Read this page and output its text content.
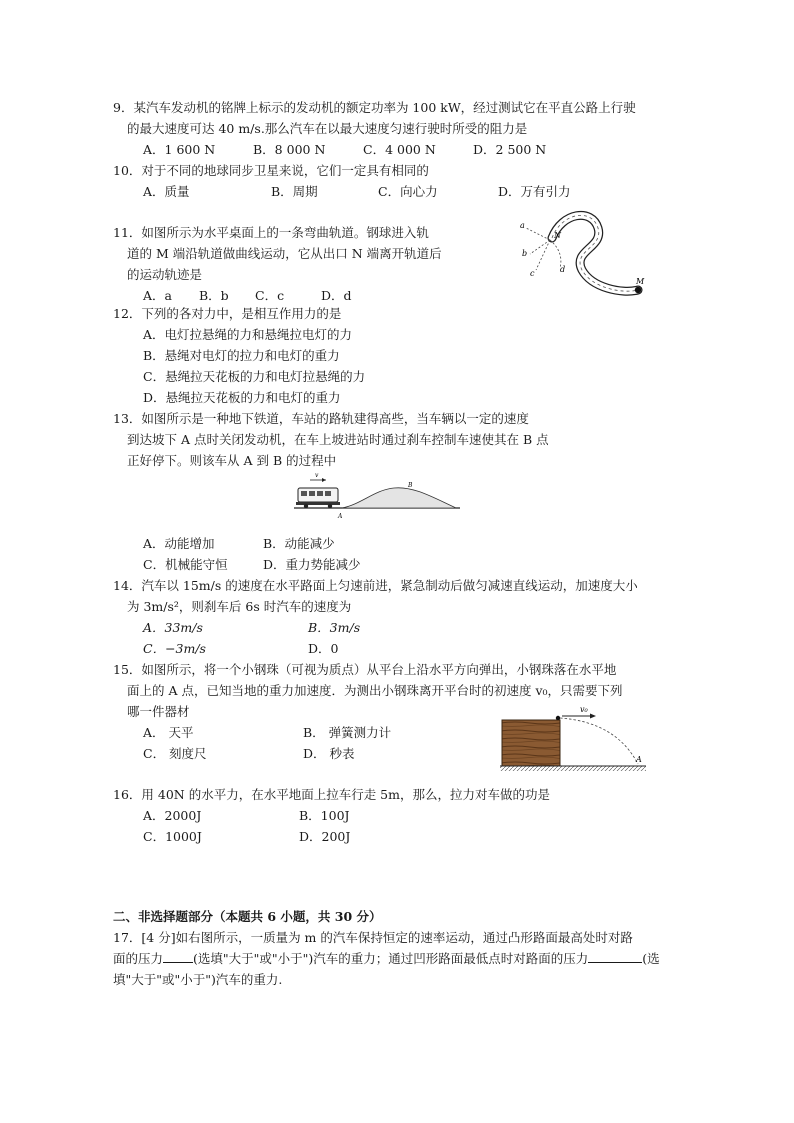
9．某汽车发动机的铭牌上标示的发动机的额定功率为 100 kW，经过测试它在平直公路上行驶
的最大速度可达 40 m/s.那么汽车在以最大速度匀速行驶时所受的阻力是
A．1 600 N	B．8 000 N	C．4 000 N	D．2 500 N
10．对于不同的地球同步卫星来说，它们一定具有相同的
A．质量	B．周期	C．向心力	D．万有引力
11．如图所示为水平桌面上的一条弯曲轨道。钢球进入轨
道的 M 端沿轨道做曲线运动，它从出口 N 端离开轨道后
的运动轨迹是
A．a	B．b	C．c	D．d
a
N
b
c	d
M
12．下列的各对力中，是相互作用力的是
A．电灯拉悬绳的力和悬绳拉电灯的力
B．悬绳对电灯的拉力和电灯的重力
C．悬绳拉天花板的力和电灯拉悬绳的力
D．悬绳拉天花板的力和电灯的重力
13．如图所示是一种地下铁道，车站的路轨建得高些，当车辆以一定的速度
到达坡下 A 点时关闭发动机，在车上坡进站时通过刹车控制车速使其在 B 点
正好停下。则该车从 A 到 B 的过程中
v
B
A
A．动能增加	B．动能减少
C．机械能守恒	D．重力势能减少
14．汽车以 15m/s 的速度在水平路面上匀速前进，紧急制动后做匀减速直线运动，加速度大小
为 3m/s²，则刹车后 6s 时汽车的速度为
A．33m/s	B．3m/s
C．−3m/s	D．0
15．如图所示，将一个小钢珠（可视为质点）从平台上沿水平方向弹出，小钢珠落在水平地
面上的 A 点，已知当地的重力加速度．为测出小钢珠离开平台时的初速度 v₀，只需要下列
哪一件器材
A． 天平	B． 弹簧测力计
C． 刻度尺	D． 秒表
v₀
A
16．用 40N 的水平力，在水平地面上拉车行走 5m，那么，拉力对车做的功是
A．2000J	B．100J
C．1000J	D．200J
二、非选择题部分（本题共 6 小题，共 30 分）
17．[4 分]如右图所示，一质量为 m 的汽车保持恒定的速率运动，通过凸形路面最高处时对路
面的压力 (选填"大于"或"小于")汽车的重力；通过凹形路面最低点时对路面的压力	(选
填"大于"或"小于")汽车的重力.
